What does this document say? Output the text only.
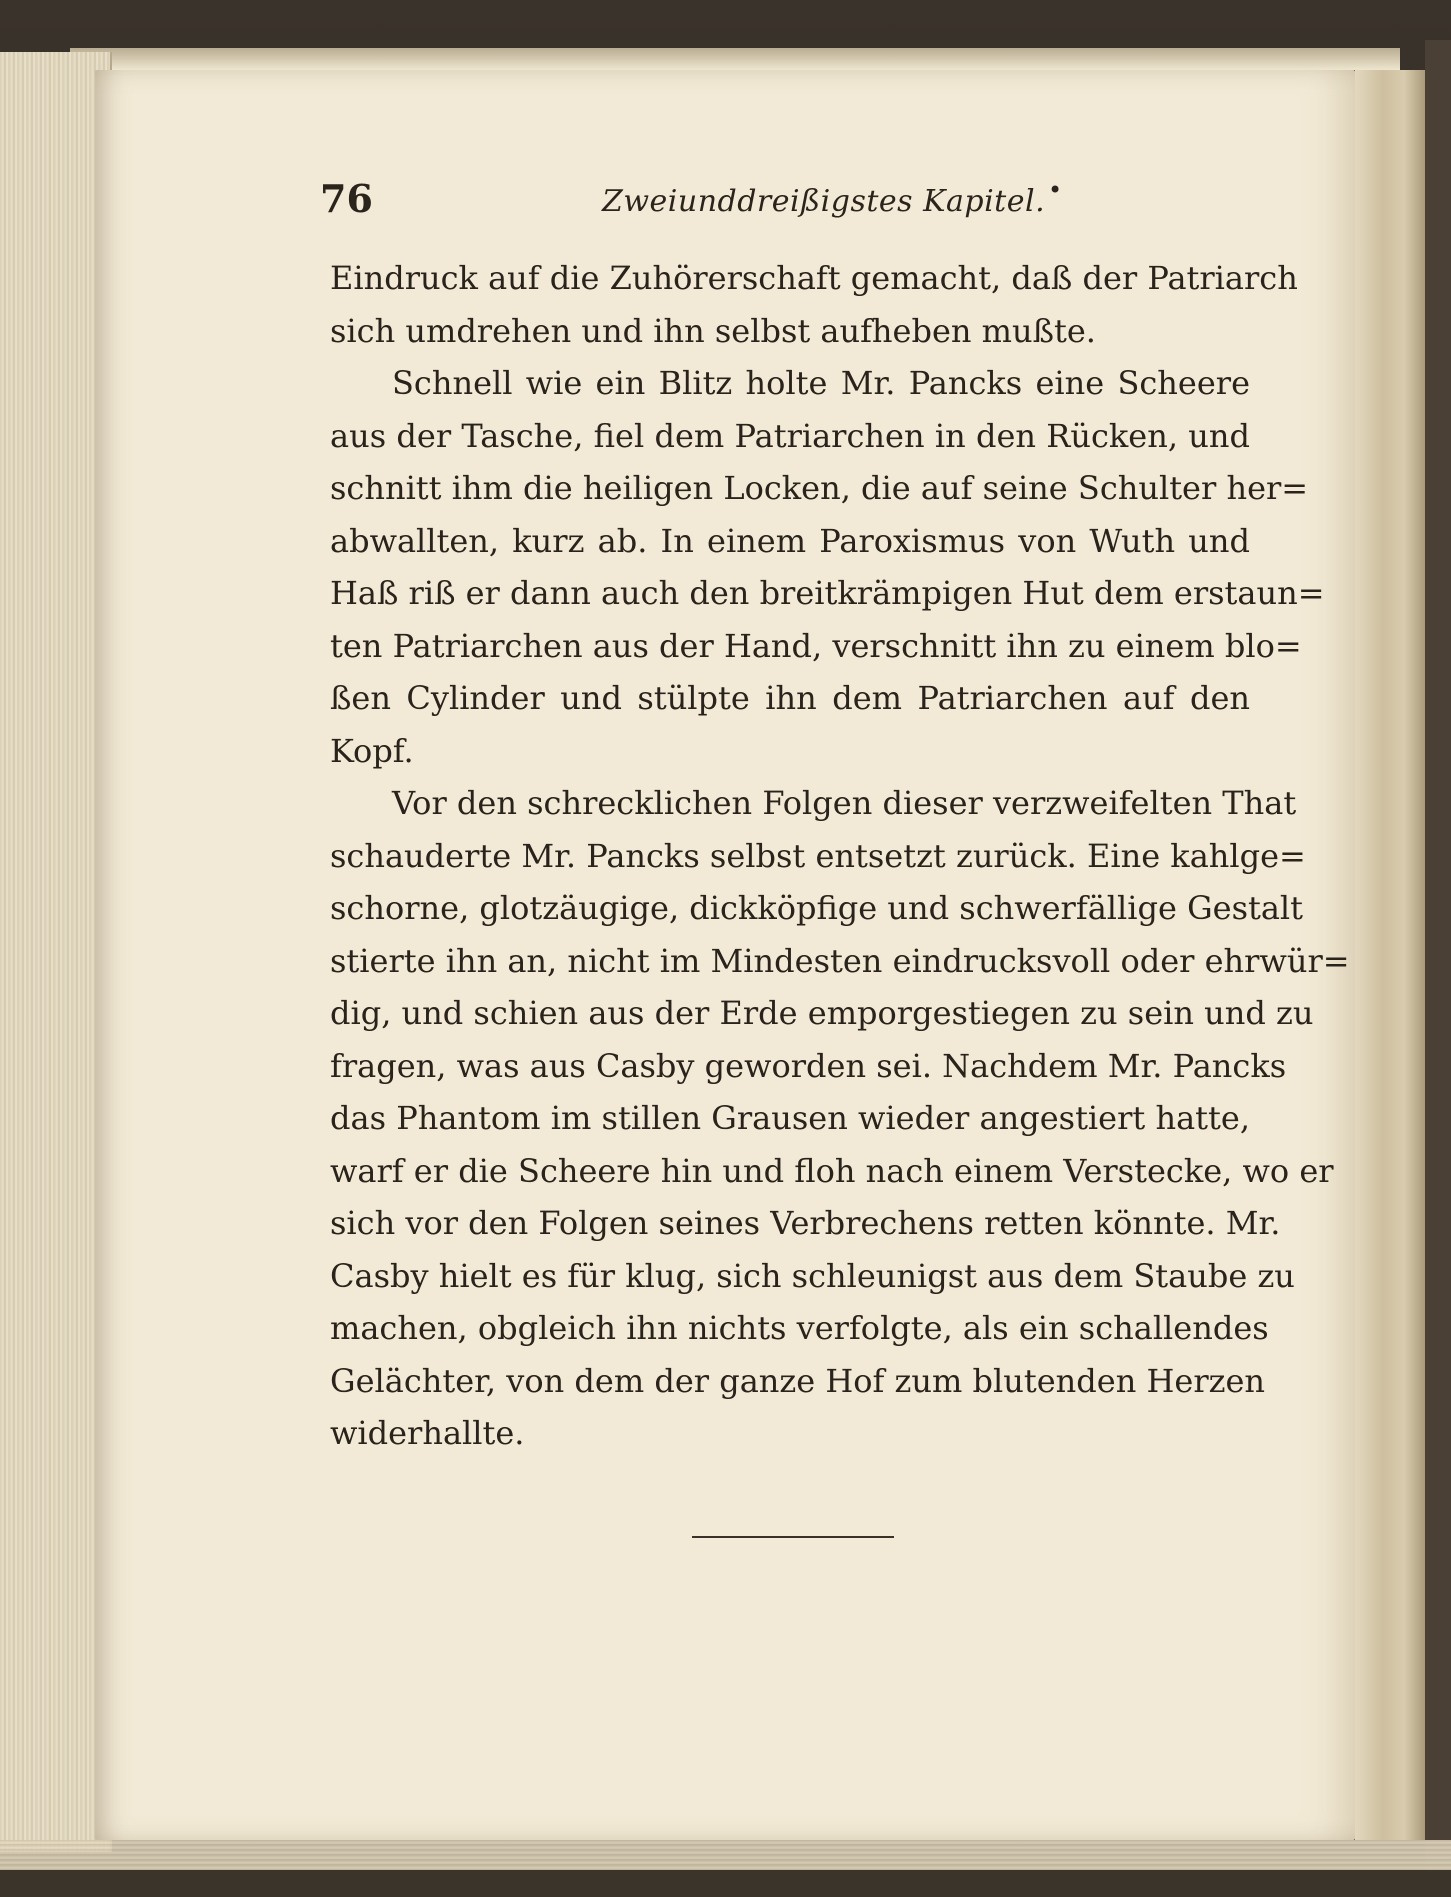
76	Zweiunddreißigstes Kapitel. •
Eindruck auf die Zuhörerschaft gemacht, daß der Patriarch
sich umdrehen und ihn selbst aufheben mußte.
Schnell wie ein Blitz holte Mr. Pancks eine Scheere
aus der Tasche, fiel dem Patriarchen in den Rücken, und
schnitt ihm die heiligen Locken, die auf seine Schulter her=
abwallten, kurz ab. In einem Paroxismus von Wuth und
Haß riß er dann auch den breitkrämpigen Hut dem erstaun=
ten Patriarchen aus der Hand, verschnitt ihn zu einem blo=
ßen Cylinder und stülpte ihn dem Patriarchen auf den
Kopf.
Vor den schrecklichen Folgen dieser verzweifelten That
schauderte Mr. Pancks selbst entsetzt zurück. Eine kahlge=
schorne, glotzäugige, dickköpfige und schwerfällige Gestalt
stierte ihn an, nicht im Mindesten eindrucksvoll oder ehrwür=
dig, und schien aus der Erde emporgestiegen zu sein und zu
fragen, was aus Casby geworden sei. Nachdem Mr. Pancks
das Phantom im stillen Grausen wieder angestiert hatte,
warf er die Scheere hin und floh nach einem Verstecke, wo er
sich vor den Folgen seines Verbrechens retten könnte. Mr.
Casby hielt es für klug, sich schleunigst aus dem Staube zu
machen, obgleich ihn nichts verfolgte, als ein schallendes
Gelächter, von dem der ganze Hof zum blutenden Herzen
widerhallte.
